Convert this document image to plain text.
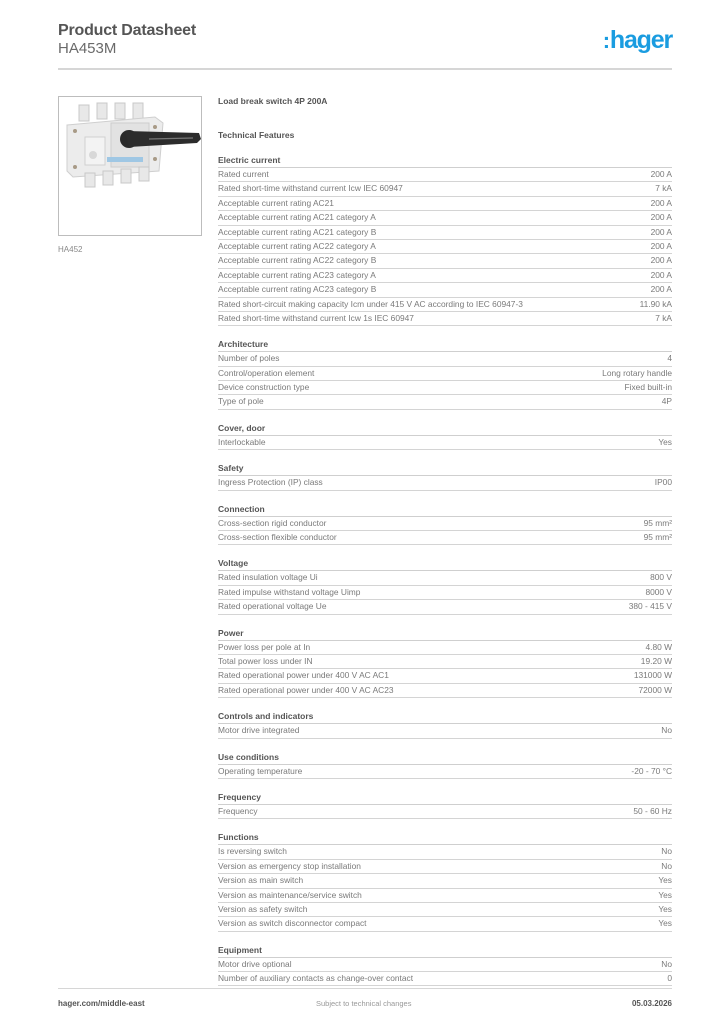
Product Datasheet
HA453M	:hager
HA452
Load break switch 4P 200A
Technical Features
Electric current
Rated current	200 A
Rated short-time withstand current Icw IEC 60947	7 kA
Acceptable current rating AC21	200 A
Acceptable current rating AC21 category A	200 A
Acceptable current rating AC21 category B	200 A
Acceptable current rating AC22 category A	200 A
Acceptable current rating AC22 category B	200 A
Acceptable current rating AC23 category A	200 A
Acceptable current rating AC23 category B	200 A
Rated short-circuit making capacity Icm under 415 V AC according to IEC 60947-3	11.90 kA
Rated short-time withstand current Icw 1s IEC 60947	7 kA
Architecture
Number of poles	4
Control/operation element	Long rotary handle
Device construction type	Fixed built-in
Type of pole	4P
Cover, door
Interlockable	Yes
Safety
Ingress Protection (IP) class	IP00
Connection
Cross-section rigid conductor	95 mm²
Cross-section flexible conductor	95 mm²
Voltage
Rated insulation voltage Ui	800 V
Rated impulse withstand voltage Uimp	8000 V
Rated operational voltage Ue	380 - 415 V
Power
Power loss per pole at In	4.80 W
Total power loss under IN	19.20 W
Rated operational power under 400 V AC AC1	131000 W
Rated operational power under 400 V AC AC23	72000 W
Controls and indicators
Motor drive integrated	No
Use conditions
Operating temperature	-20 - 70 °C
Frequency
Frequency	50 - 60 Hz
Functions
Is reversing switch	No
Version as emergency stop installation	No
Version as main switch	Yes
Version as maintenance/service switch	Yes
Version as safety switch	Yes
Version as switch disconnector compact	Yes
Equipment
Motor drive optional	No
Number of auxiliary contacts as change-over contact	0
hager.com/middle-east	Subject to technical changes	05.03.2026
